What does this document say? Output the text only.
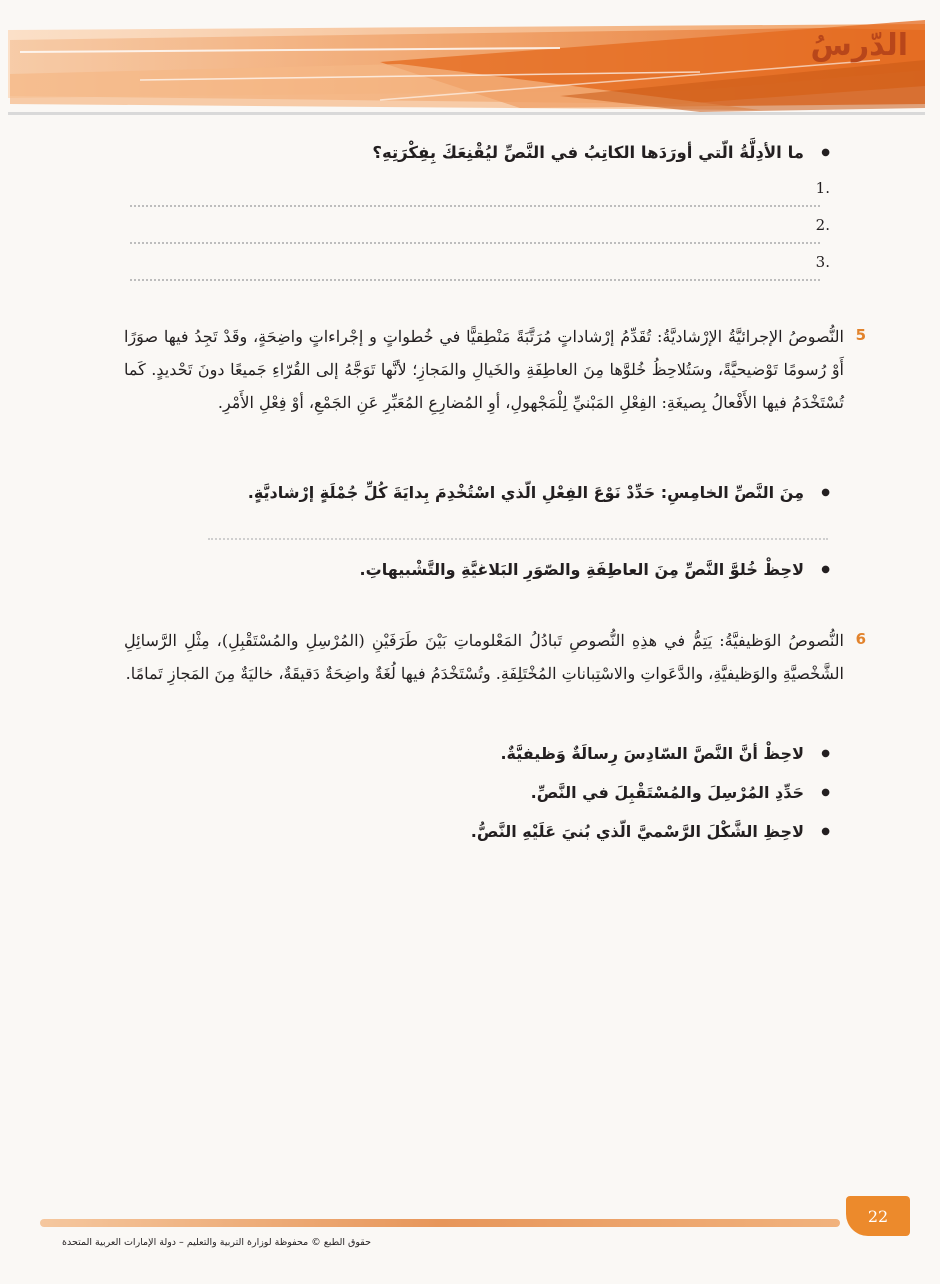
الدّرسُ

● ما الأدِلَّةُ الّتي أورَدَها الكاتِبُ في النَّصِّ ليُقْنِعَكَ بِفِكْرَتِهِ؟

.1
.2
.3
5

النُّصوصُ الإجرائيَّةُ الإرْشاديَّةُ: تُقَدِّمُ إرْشاداتٍ مُرَتَّبَةً مَنْطِقيًّا في خُطواتٍ و إجْراءاتٍ واضِحَةٍ، وقَدْ تَجِدُ فيها صوَرًا أَوْ رُسومًا تَوْضيحيَّةً، وسَتُلاحِظُ خُلوَّها مِنَ العاطِفَةِ والخَيالِ والمَجازِ؛ لأنَّها تَوَجَّهُ إلى القُرّاءِ جَميعًا دونَ تَحْديدٍ. كَما تُسْتَخْدَمُ فيها الأَفْعالُ بِصيغَةِ: الفِعْلِ المَبْنيِّ لِلْمَجْهولِ، أوِ المُضارِعِ المُعَبِّرِ عَنِ الجَمْعِ، أوْ فِعْلِ الأَمْرِ.

● مِنَ النَّصِّ الخامِسِ: حَدِّدْ نَوْعَ الفِعْلِ الّذي اسْتُخْدِمَ بِدايَةَ كُلِّ جُمْلَةٍ إرْشاديَّةٍ.
● لاحِظْ خُلوَّ النَّصِّ مِنَ العاطِفَةِ والصّوَرِ البَلاغيَّةِ والتَّشْبيهاتِ.
6

النُّصوصُ الوَظيفيَّةُ: يَتِمُّ في هذِهِ النُّصوصِ تَبادُلُ المَعْلوماتِ بَيْنَ طَرَفَيْنِ (المُرْسِلِ والمُسْتَقْبِلِ)، مِثْلِ الرَّسائِلِ الشَّخْصيَّةِ والوَظيفيَّةِ، والدَّعَواتِ والاسْتِباناتِ المُخْتَلِفَةِ. وتُسْتَخْدَمُ فيها لُغَةٌ واضِحَةٌ دَقيقَةٌ، خاليَةٌ مِنَ المَجازِ تَمامًا.

● لاحِظْ أنَّ النَّصَّ السّادِسَ رِسالَةٌ وَظيفيَّةٌ.
● حَدِّدِ المُرْسِلَ والمُسْتَقْبِلَ في النَّصِّ.
● لاحِظِ الشَّكْلَ الرَّسْميَّ الّذي بُنيَ عَلَيْهِ النَّصُّ.
22
حقوق الطبع © محفوظة لوزارة التربية والتعليم – دولة الإمارات العربية المتحدة
